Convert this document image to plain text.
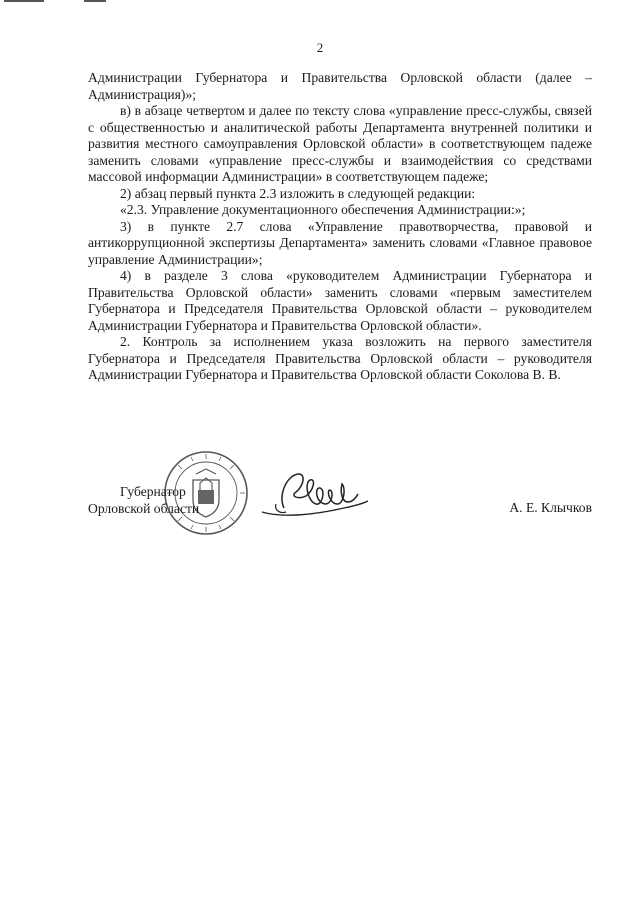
2

Администрации Губернатора и Правительства Орловской области (далее – Администрация)»;

в) в абзаце четвертом и далее по тексту слова «управление пресс-службы, связей с общественностью и аналитической работы Департамента внутренней политики и развития местного самоуправления Орловской области» в соответствующем падеже заменить словами «управление пресс-службы и взаимодействия со средствами массовой информации Администрации» в соответствующем падеже;

2) абзац первый пункта 2.3 изложить в следующей редакции:

«2.3. Управление документационного обеспечения Администрации:»;

3) в пункте 2.7 слова «Управление правотворчества, правовой и антикоррупционной экспертизы Департамента» заменить словами «Главное правовое управление Администрации»;

4) в разделе 3 слова «руководителем Администрации Губернатора и Правительства Орловской области» заменить словами «первым заместителем Губернатора и Председателя Правительства Орловской области – руководителем Администрации Губернатора и Правительства Орловской области».

2. Контроль за исполнением указа возложить на первого заместителя Губернатора и Председателя Правительства Орловской области – руководителя Администрации Губернатора и Правительства Орловской области Соколова В. В.

Губернатор
Орловской области	А. Е. Клычков
